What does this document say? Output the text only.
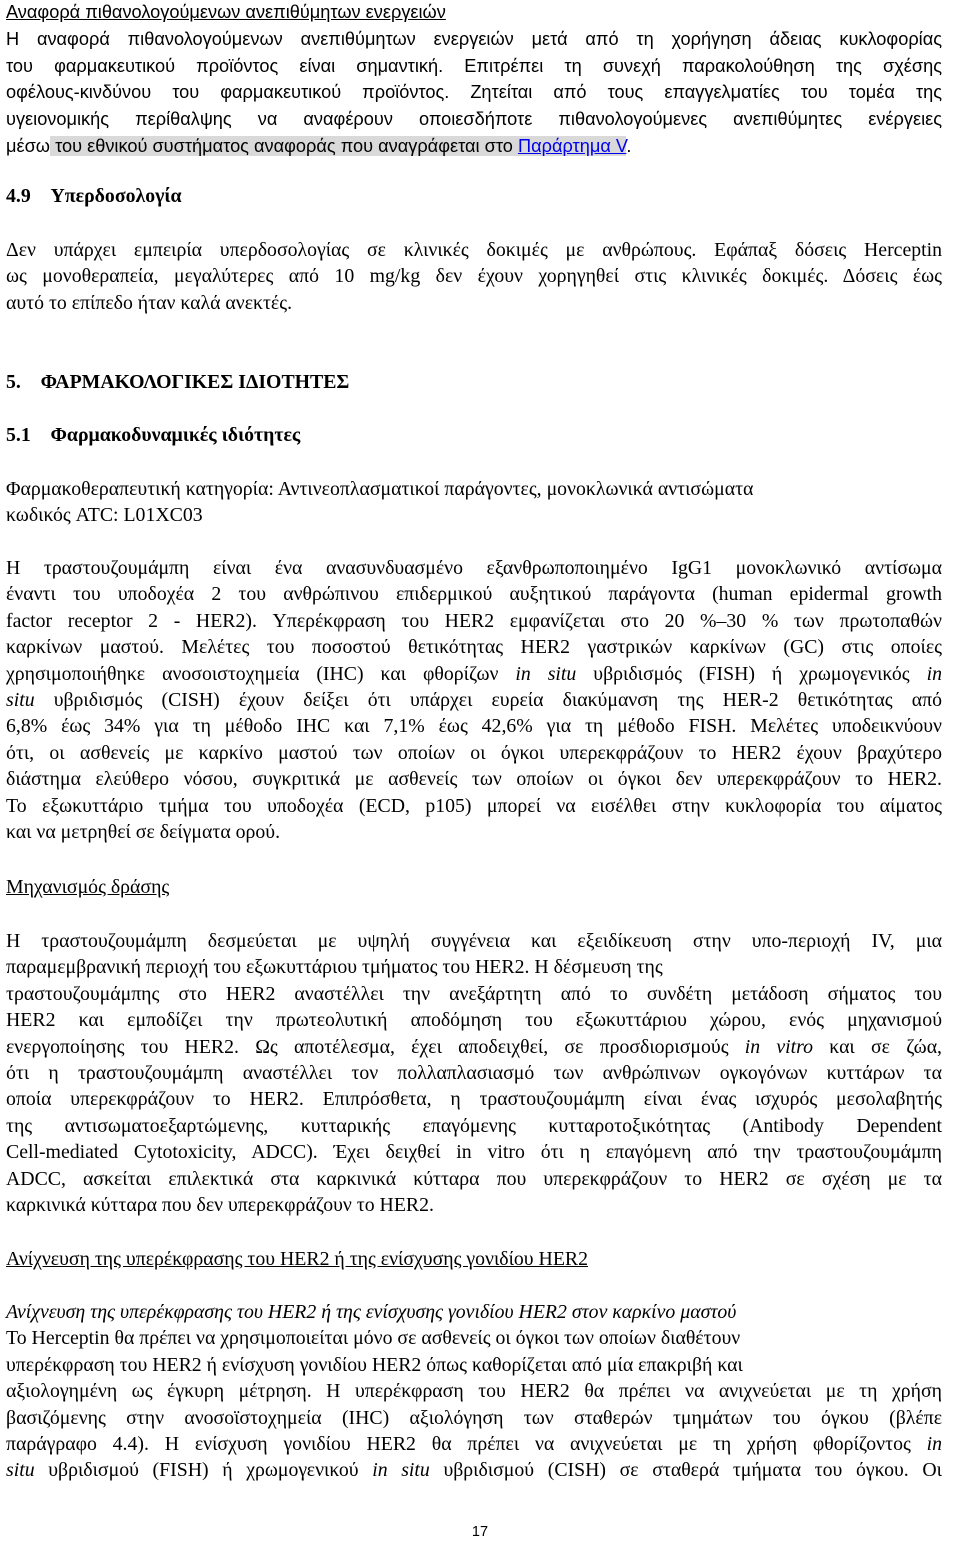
Αναφορά πιθανολογούμενων ανεπιθύμητων ενεργειών
Η αναφορά πιθανολογούμενων ανεπιθύμητων ενεργειών μετά από τη χορήγηση άδειας κυκλοφορίας
του φαρμακευτικού προϊόντος είναι σημαντική. Επιτρέπει τη συνεχή παρακολούθηση της σχέσης
οφέλους-κινδύνου του φαρμακευτικού προϊόντος. Ζητείται από τους επαγγελματίες του τομέα της
υγειονομικής περίθαλψης να αναφέρουν οποιεσδήποτε πιθανολογούμενες ανεπιθύμητες ενέργειες
μέσω του εθνικού συστήματος αναφοράς που αναγράφεται στο Παράρτημα V.
4.9 Υπερδοσολογία
Δεν υπάρχει εμπειρία υπερδοσολογίας σε κλινικές δοκιμές με ανθρώπους. Εφάπαξ δόσεις Herceptin
ως μονοθεραπεία, μεγαλύτερες από 10 mg/kg δεν έχουν χορηγηθεί στις κλινικές δοκιμές. Δόσεις έως
αυτό το επίπεδο ήταν καλά ανεκτές.
5. ΦΑΡΜΑΚΟΛΟΓΙΚΕΣ ΙΔΙΟΤΗΤΕΣ
5.1 Φαρμακοδυναμικές ιδιότητες
Φαρμακοθεραπευτική κατηγορία: Αντινεοπλασματικοί παράγοντες, μονοκλωνικά αντισώματα
κωδικός ATC: L01XC03
Η τραστουζουμάμπη είναι ένα ανασυνδυασμένο εξανθρωποποιημένο IgG1 μονοκλωνικό αντίσωμα
έναντι του υποδοχέα 2 του ανθρώπινου επιδερμικού αυξητικού παράγοντα (human epidermal growth
factor receptor 2 - HER2). Υπερέκφραση του HER2 εμφανίζεται στο 20 %–30 % των πρωτοπαθών
καρκίνων μαστού. Μελέτες του ποσοστού θετικότητας HER2 γαστρικών καρκίνων (GC) στις οποίες
χρησιμοποιήθηκε ανοσοιστοχημεία (IHC) και φθορίζων in situ υβριδισμός (FISH) ή χρωμογενικός in
situ υβριδισμός (CISH) έχουν δείξει ότι υπάρχει ευρεία διακύμανση της HER-2 θετικότητας από
6,8% έως 34% για τη μέθοδο IHC και 7,1% έως 42,6% για τη μέθοδο FISH. Μελέτες υποδεικνύουν
ότι, οι ασθενείς με καρκίνο μαστού των οποίων οι όγκοι υπερεκφράζουν το HER2 έχουν βραχύτερο
διάστημα ελεύθερο νόσου, συγκριτικά με ασθενείς των οποίων οι όγκοι δεν υπερεκφράζουν το HER2.
Το εξωκυττάριο τμήμα του υποδοχέα (ECD, p105) μπορεί να εισέλθει στην κυκλοφορία του αίματος
και να μετρηθεί σε δείγματα ορού.
Μηχανισμός δράσης
Η τραστουζουμάμπη δεσμεύεται με υψηλή συγγένεια και εξειδίκευση στην υπο-περιοχή IV, μια
παραμεμβρανική περιοχή του εξωκυττάριου τμήματος του HER2. Η δέσμευση της
τραστουζουμάμπης στο HER2 αναστέλλει την ανεξάρτητη από το συνδέτη μετάδοση σήματος του
HER2 και εμποδίζει την πρωτεολυτική αποδόμηση του εξωκυττάριου χώρου, ενός μηχανισμού
ενεργοποίησης του HER2. Ως αποτέλεσμα, έχει αποδειχθεί, σε προσδιορισμούς in vitro και σε ζώα,
ότι η τραστουζουμάμπη αναστέλλει τον πολλαπλασιασμό των ανθρώπινων ογκογόνων κυττάρων τα
οποία υπερεκφράζουν το HER2. Επιπρόσθετα, η τραστουζουμάμπη είναι ένας ισχυρός μεσολαβητής
της αντισωματοεξαρτώμενης, κυτταρικής επαγόμενης κυτταροτοξικότητας (Antibody Dependent
Cell-mediated Cytotoxicity, ADCC). Έχει δειχθεί in vitro ότι η επαγόμενη από την τραστουζουμάμπη
ADCC, ασκείται επιλεκτικά στα καρκινικά κύτταρα που υπερεκφράζουν το HER2 σε σχέση με τα
καρκινικά κύτταρα που δεν υπερεκφράζουν το HER2.
Ανίχνευση της υπερέκφρασης του HER2 ή της ενίσχυσης γονιδίου HER2
Ανίχνευση της υπερέκφρασης του HER2 ή της ενίσχυσης γονιδίου HER2 στον καρκίνο μαστού
Το Herceptin θα πρέπει να χρησιμοποιείται μόνο σε ασθενείς οι όγκοι των οποίων διαθέτουν
υπερέκφραση του HER2 ή ενίσχυση γονιδίου HER2 όπως καθορίζεται από μία επακριβή και
αξιολογημένη ως έγκυρη μέτρηση. Η υπερέκφραση του HER2 θα πρέπει να ανιχνεύεται με τη χρήση
βασιζόμενης στην ανοσοϊστοχημεία (IHC) αξιολόγηση των σταθερών τμημάτων του όγκου (βλέπε
παράγραφο 4.4). Η ενίσχυση γονιδίου HER2 θα πρέπει να ανιχνεύεται με τη χρήση φθορίζοντος in
situ υβριδισμού (FISH) ή χρωμογενικού in situ υβριδισμού (CISH) σε σταθερά τμήματα του όγκου. Οι
17
